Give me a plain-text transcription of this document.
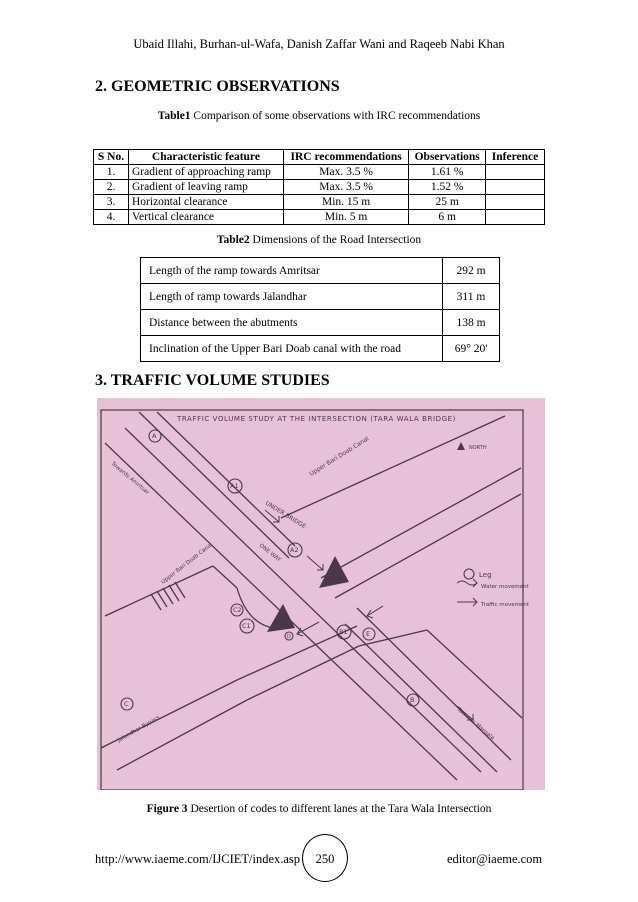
Ubaid Illahi, Burhan-ul-Wafa, Danish Zaffar Wani and Raqeeb Nabi Khan
2. GEOMETRIC OBSERVATIONS
Table1 Comparison of some observations with IRC recommendations
S No.	Characteristic feature	IRC recommendations	Observations	Inference
1.	Gradient of approaching ramp	Max. 3.5 %	1.61 %	
2.	Gradient of leaving ramp	Max. 3.5 %	1.52 %	
3.	Horizontal clearance	Min. 15 m	25 m	
4.	Vertical clearance	Min. 5 m	6 m	
Table2 Dimensions of the Road Intersection
Length of the ramp towards Amritsar	292 m
Length of ramp towards Jalandhar	311 m
Distance between the abutments	138 m
Inclination of the Upper Bari Doab canal with the road	69° 20'
3. TRAFFIC VOLUME STUDIES
A
A1
A2
B
B1	E
C
C1
C2
D
TRAFFIC VOLUME STUDY AT THE INTERSECTION (TARA WALA BRIDGE)
NORTH
Upper Bari Doab Canal
UNDER BRIDGE
ONE WAY
Upper Bari Doab Canal
Towards Amritsar
Towards Mansala
Jalandhar Bypass
Leg
Water movement
Traffic movement
Figure 3 Desertion of codes to different lanes at the Tara Wala Intersection
http://www.iaeme.com/IJCIET/index.asp	250	editor@iaeme.com
